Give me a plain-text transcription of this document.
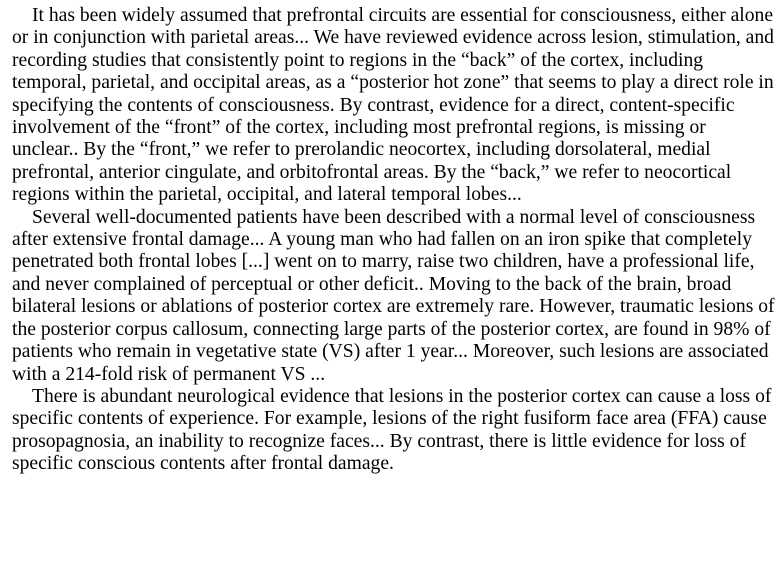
It has been widely assumed that prefrontal circuits are essential for consciousness, either alone or in conjunction with parietal areas... We have reviewed evidence across lesion, stimulation, and recording studies that consistently point to regions in the “back” of the cortex, including temporal, parietal, and occipital areas, as a “posterior hot zone” that seems to play a direct role in specifying the contents of consciousness. By contrast, evidence for a direct, content-specific involvement of the “front” of the cortex, including most prefrontal regions, is missing or unclear.. By the “front,” we refer to prerolandic neocortex, including dorsolateral, medial prefrontal, anterior cingulate, and orbitofrontal areas. By the “back,” we refer to neocortical regions within the parietal, occipital, and lateral temporal lobes...

Several well-documented patients have been described with a normal level of consciousness after extensive frontal damage... A young man who had fallen on an iron spike that completely penetrated both frontal lobes [...] went on to marry, raise two children, have a professional life, and never complained of perceptual or other deficit.. Moving to the back of the brain, broad bilateral lesions or ablations of posterior cortex are extremely rare. However, traumatic lesions of the posterior corpus callosum, connecting large parts of the posterior cortex, are found in 98% of patients who remain in vegetative state (VS) after 1 year... Moreover, such lesions are associated with a 214-fold risk of permanent VS ...

There is abundant neurological evidence that lesions in the posterior cortex can cause a loss of specific contents of experience. For example, lesions of the right fusiform face area (FFA) cause prosopagnosia, an inability to recognize faces... By contrast, there is little evidence for loss of specific conscious contents after frontal damage.
